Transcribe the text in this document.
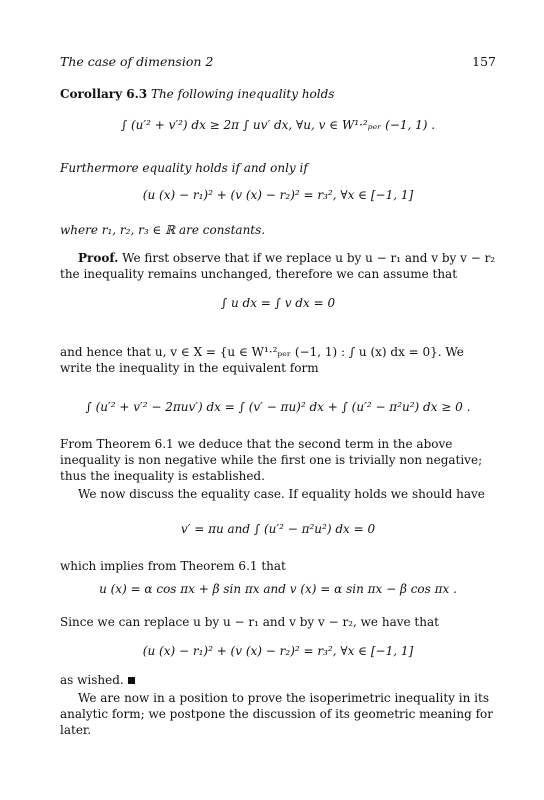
The case of dimension 2	157
Corollary 6.3 The following inequality holds
∫ (u′² + v′²) dx ≥ 2π ∫ uv′ dx, ∀u, v ∈ W¹·²ₚₑᵣ (−1, 1) .
Furthermore equality holds if and only if
(u (x) − r₁)² + (v (x) − r₂)² = r₃², ∀x ∈ [−1, 1]
where r₁, r₂, r₃ ∈ ℝ are constants.
Proof. We first observe that if we replace u by u − r₁ and v by v − r₂ the inequality remains unchanged, therefore we can assume that
∫ u dx = ∫ v dx = 0
and hence that u, v ∈ X = {u ∈ W¹·²ₚₑᵣ (−1, 1) : ∫ u (x) dx = 0}. We write the inequality in the equivalent form
∫ (u′² + v′² − 2πuv′) dx = ∫ (v′ − πu)² dx + ∫ (u′² − π²u²) dx ≥ 0 .
From Theorem 6.1 we deduce that the second term in the above inequality is non negative while the first one is trivially non negative; thus the inequality is established.
We now discuss the equality case. If equality holds we should have
v′ = πu and ∫ (u′² − π²u²) dx = 0
which implies from Theorem 6.1 that
u (x) = α cos πx + β sin πx and v (x) = α sin πx − β cos πx .
Since we can replace u by u − r₁ and v by v − r₂, we have that
(u (x) − r₁)² + (v (x) − r₂)² = r₃², ∀x ∈ [−1, 1]
as wished.
We are now in a position to prove the isoperimetric inequality in its analytic form; we postpone the discussion of its geometric meaning for later.
